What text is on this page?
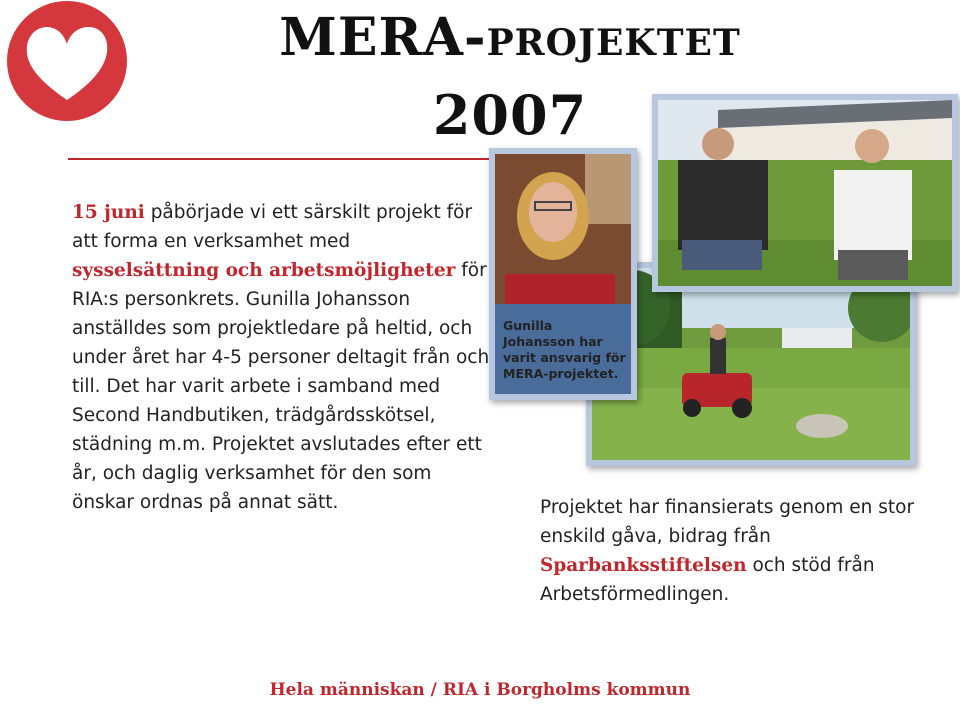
MERA-projektet
2007

15 juni påbörjade vi ett särskilt projekt för att forma en verksamhet med sysselsättning och arbetsmöjligheter för RIA:s personkrets. Gunilla Johansson anställdes som projektledare på heltid, och under året har 4-5 personer deltagit från och till. Det har varit arbete i samband med Second Handbutiken, trädgårdsskötsel, städning m.m. Projektet avslutades efter ett år, och daglig verksamhet för den som önskar ordnas på annat sätt.

Gunilla Johansson har varit ansvarig för MERA-projektet.

Projektet har finansierats genom en stor enskild gåva, bidrag från Sparbanksstiftelsen och stöd från Arbetsförmedlingen.

Hela människan / RIA i Borgholms kommun
